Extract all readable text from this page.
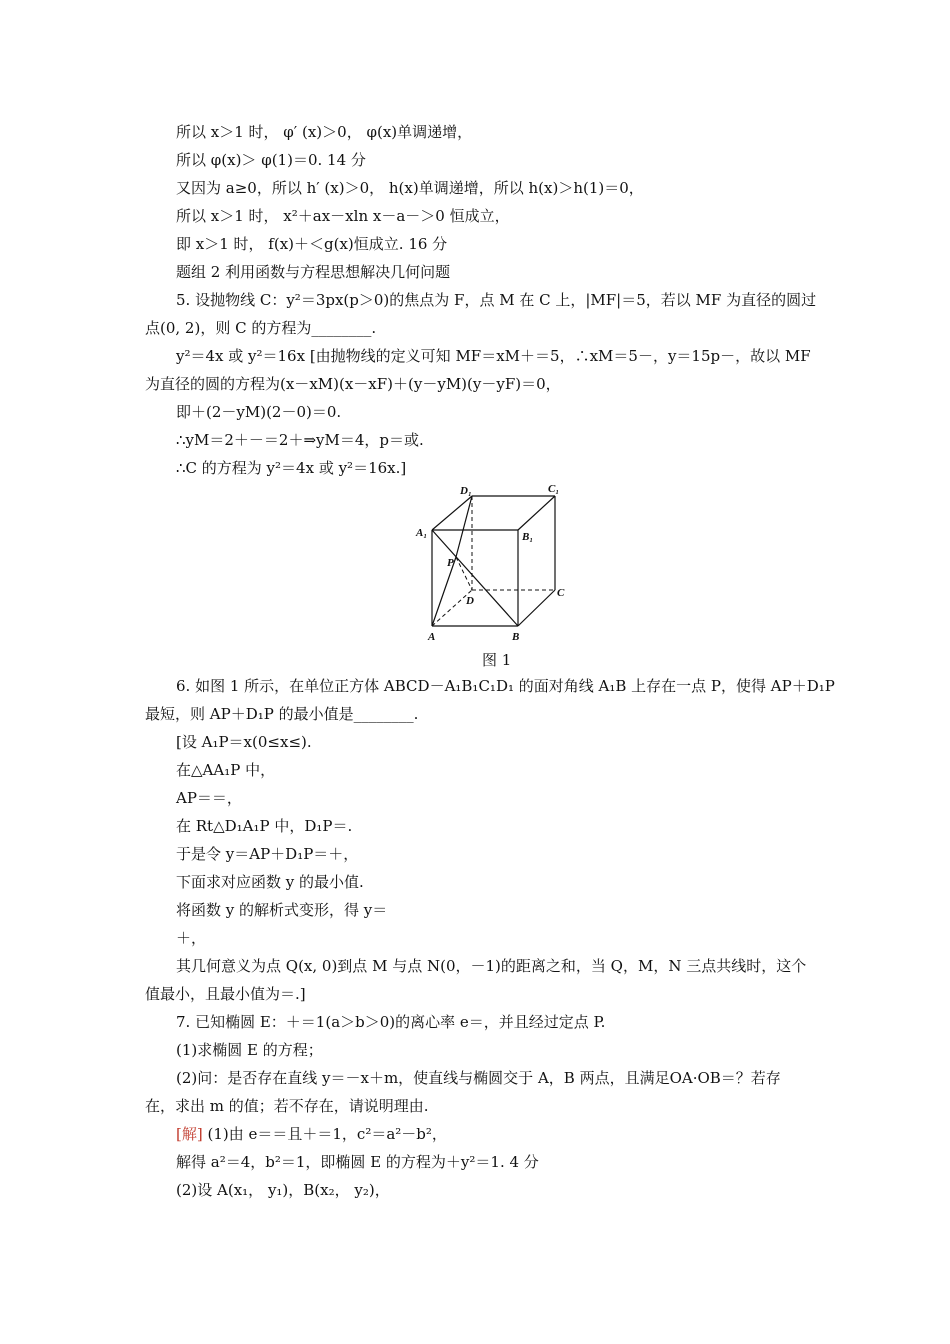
所以 x＞1 时， φ′ (x)＞0， φ(x)单调递增，
所以 φ(x)＞ φ(1)＝0. 14 分
又因为 a≥0，所以 h′ (x)＞0， h(x)单调递增，所以 h(x)＞h(1)＝0，
所以 x＞1 时， x²＋ax－xln x－a－＞0 恒成立，
即 x＞1 时， f(x)＋＜g(x)恒成立. 16 分
题组 2 利用函数与方程思想解决几何问题
5. 设抛物线 C：y²＝3px(p＞0)的焦点为 F，点 M 在 C 上，|MF|＝5，若以 MF 为直径的圆过
点(0, 2)，则 C 的方程为________.
y²＝4x 或 y²＝16x [由抛物线的定义可知 MF＝xM＋＝5，∴xM＝5－，y＝15p－，故以 MF
为直径的圆的方程为(x－xM)(x－xF)＋(y－yM)(y－yF)＝0，
即＋(2－yM)(2－0)＝0.
∴yM＝2＋－＝2＋⇒yM＝4，p＝或.
∴C 的方程为 y²＝4x 或 y²＝16x.]
D₁	C₁
A₁	B₁
P
D
C
A	B
图 1
6. 如图 1 所示，在单位正方体 ABCD－A₁B₁C₁D₁ 的面对角线 A₁B 上存在一点 P，使得 AP＋D₁P
最短，则 AP＋D₁P 的最小值是________.
[设 A₁P＝x(0≤x≤).
在△AA₁P 中，
AP＝＝，
在 Rt△D₁A₁P 中，D₁P＝.
于是令 y＝AP＋D₁P＝＋，
下面求对应函数 y 的最小值.
将函数 y 的解析式变形，得 y＝
＋，
其几何意义为点 Q(x, 0)到点 M 与点 N(0，－1)的距离之和，当 Q，M，N 三点共线时，这个
值最小，且最小值为＝.]
7. 已知椭圆 E：＋＝1(a＞b＞0)的离心率 e＝，并且经过定点 P.
(1)求椭圆 E 的方程；
(2)问：是否存在直线 y＝－x＋m，使直线与椭圆交于 A，B 两点，且满足OA·OB＝？若存
在，求出 m 的值；若不存在，请说明理由.
[解] (1)由 e＝＝且＋＝1，c²＝a²－b²，
解得 a²＝4，b²＝1，即椭圆 E 的方程为＋y²＝1. 4 分
(2)设 A(x₁， y₁)，B(x₂， y₂)，
